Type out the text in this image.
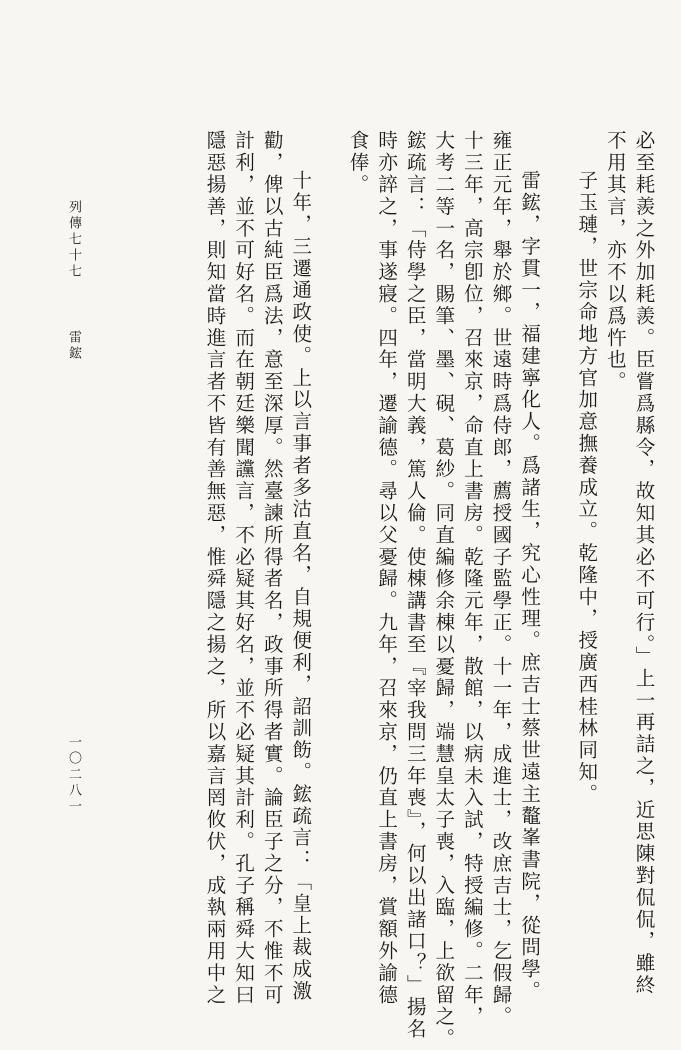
必至耗羨之外加耗羨。臣嘗爲縣令，故知其必不可行。」上一再詰之，近思陳對侃侃，雖終

不用其言，亦不以爲忤也。

子玉璉，世宗命地方官加意撫養成立。乾隆中，授廣西桂林同知。

雷鋐，字貫一，福建寧化人。爲諸生，究心性理。庶吉士蔡世遠主鼇峯書院，從問學。

雍正元年，舉於鄉。世遠時爲侍郎，薦授國子監學正。十一年，成進士，改庶吉士，乞假歸。

十三年，高宗卽位，召來京，命直上書房。乾隆元年，散館，以病未入試，特授編修。二年，

大考二等一名，賜筆、墨、硯、葛紗。同直編修余棟以憂歸，端慧皇太子喪，入臨，上欲留之。

鋐疏言：「侍學之臣，當明大義，篤人倫。使棟講書至『宰我問三年喪』，何以出諸口？」揚名

時亦誶之，事遂寢。四年，遷諭德。尋以父憂歸。九年，召來京，仍直上書房，賞額外諭德

食俸。

十年，三遷通政使。上以言事者多沽直名，自規便利，詔訓飭。鋐疏言：「皇上裁成激

勸，俾以古純臣爲法，意至深厚。然臺諫所得者名，政事所得者實。論臣子之分，不惟不可

計利，並不可好名。而在朝廷樂聞讜言，不必疑其好名，並不必疑其計利。孔子稱舜大知曰

隱惡揚善，則知當時進言者不皆有善無惡，惟舜隱之揚之，所以嘉言罔攸伏，成執兩用中之

列傳七十七
雷鋐
一〇二八一
